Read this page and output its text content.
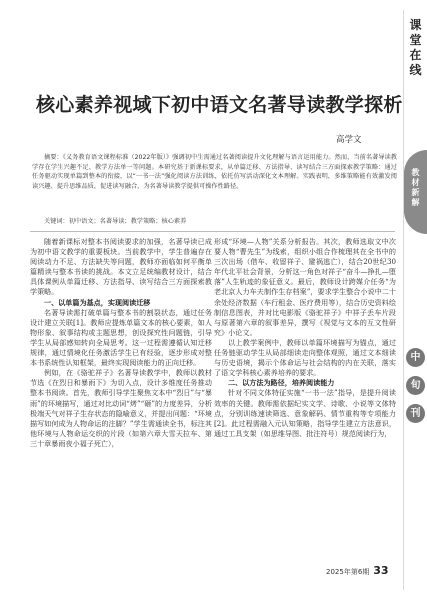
课
堂
在
线
教
材
新
解
中
旬
刊
核心素养视域下初中语文名著导读教学探析
高学文

摘要：《义务教育语文课程标准（2022年版）》强调初中生需通过名著阅读提升文化理解与语言运用能力。然而，当前名著导读教学存在学生兴趣不足、教学方法单一等问题。本研究基于新课标要求，从单篇迁移、方法指导、读写结合三方面探索教学策略：通过任务驱动实现单篇到整本的衔接，以“一书一法”强化阅读方法训练，依托仿写活动深化文本理解。实践表明，多维策略能有效激发阅读兴趣、提升思维品质，促进读写融合，为名著导读教学提供可操作性路径。

关键词：初中语文；名著导读；教学策略；核心素养

随着新课标对整本书阅读要求的加强，名著导读已成为初中语文教学的重要板块。当前教学中，学生普遍存在阅读动力不足、方法缺失等问题，教师亦面临如何平衡单篇精读与整本书读的挑战。本文立足统编教材设计，结合具体课例从单篇迁移、方法指导、读写结合三方面探索教学策略。

一、以单篇为基点，实现阅读迁移

名著导读需打破单篇与整本书的割裂状态，通过任务设计建立关联[1]。教师应提炼单篇文本的核心要素，如人物形象、叙事结构或主题思想，创设探究性问题链，引导学生从局部感知转向全局思考。这一过程需遵循认知迁移规律，通过情境化任务激活学生已有经验，逐步形成对整本书系统性认知框架，最终实现阅读能力的正向迁移。

例如，在《骆驼祥子》名著导读教学中，教师以教材节选《在烈日和暴雨下》为切入点，设计多维度任务推动整本书阅读。首先，教师引导学生聚焦文本中“烈日”与“暴雨”的环境描写，通过对比动词“烤”“砸”的力度差异，分析极端天气对祥子生存状态的隐喻意义，并提出问题：“环境描写如何成为人物命运的注脚？”学生需通读全书，标注其他环境与人物命运交织的片段（如第六章大雪天拉车、第三十章暴雨夜小福子死亡），

形成“环境—人物”关系分析报告。其次，教师选取文中次要人物“曹先生”为线索，组织小组合作梳理其在全书中的三次出场（借车、收留祥子、避祸逃亡），结合20世纪30年代北平社会背景，分析这一角色对祥子“奋斗—挣扎—堕落”人生轨迹的象征意义。最后，教师设计跨媒介任务“为老北京人力车夫制作生存档案”，要求学生整合小说中二十余处经济数据（车行租金、医疗费用等），结合历史资料绘制信息图表，并对比电影版《骆驼祥子》中祥子丢车片段与原著第六章的叙事差异，撰写《视觉与文本的互文性研究》小论文。

以上教学案例中，教师以单篇环境描写为锚点，通过任务链驱动学生从局部细读走向整体观照，通过文本细读与历史语境，揭示个体命运与社会结构的内在关联，落实了语文学科核心素养培养的要求。

二、以方法为路径，培养阅读能力

针对不同文体特征实施“一书一法”指导，是提升阅读效率的关键。教师需依据纪实文学、诗歌、小说等文体特点，分别训练速读筛选、意象解码、情节重构等专项能力[2]。此过程需融入元认知策略，指导学生建立方法意识，通过工具支架（如思维导图、批注符号）规范阅读行为，

2025年第6期 33
